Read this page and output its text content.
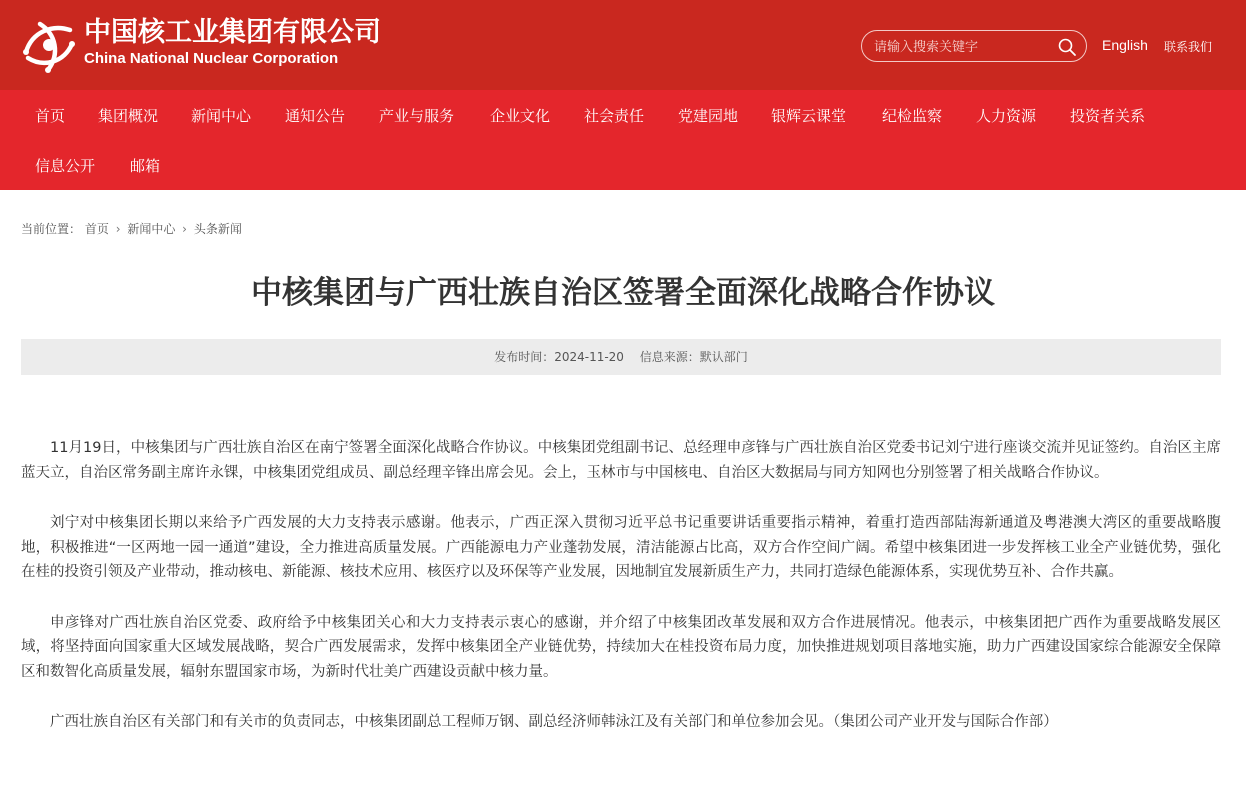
中国核工业集团有限公司
China National Nuclear Corporation
请输入搜索关键字
English 联系我们
首页 集团概况 新闻中心 通知公告 产业与服务 企业文化 社会责任 党建园地 银辉云课堂 纪检监察 人力资源 投资者关系
信息公开 邮箱
当前位置： 首页 › 新闻中心 › 头条新闻
中核集团与广西壮族自治区签署全面深化战略合作协议
发布时间：2024-11-20 信息来源：默认部门

11月19日，中核集团与广西壮族自治区在南宁签署全面深化战略合作协议。中核集团党组副书记、总经理申彦锋与广西壮族自治区党委书记刘宁进行座谈交流并见证签约。自治区主席蓝天立，自治区常务副主席许永锞，中核集团党组成员、副总经理辛锋出席会见。会上，玉林市与中国核电、自治区大数据局与同方知网也分别签署了相关战略合作协议。

刘宁对中核集团长期以来给予广西发展的大力支持表示感谢。他表示，广西正深入贯彻习近平总书记重要讲话重要指示精神，着重打造西部陆海新通道及粤港澳大湾区的重要战略腹地，积极推进“一区两地一园一通道”建设，全力推进高质量发展。广西能源电力产业蓬勃发展，清洁能源占比高，双方合作空间广阔。希望中核集团进一步发挥核工业全产业链优势，强化在桂的投资引领及产业带动，推动核电、新能源、核技术应用、核医疗以及环保等产业发展，因地制宜发展新质生产力，共同打造绿色能源体系，实现优势互补、合作共赢。

申彦锋对广西壮族自治区党委、政府给予中核集团关心和大力支持表示衷心的感谢，并介绍了中核集团改革发展和双方合作进展情况。他表示，中核集团把广西作为重要战略发展区域，将坚持面向国家重大区域发展战略，契合广西发展需求，发挥中核集团全产业链优势，持续加大在桂投资布局力度，加快推进规划项目落地实施，助力广西建设国家综合能源安全保障区和数智化高质量发展，辐射东盟国家市场，为新时代壮美广西建设贡献中核力量。

广西壮族自治区有关部门和有关市的负责同志，中核集团副总工程师万钢、副总经济师韩泳江及有关部门和单位参加会见。（集团公司产业开发与国际合作部）
